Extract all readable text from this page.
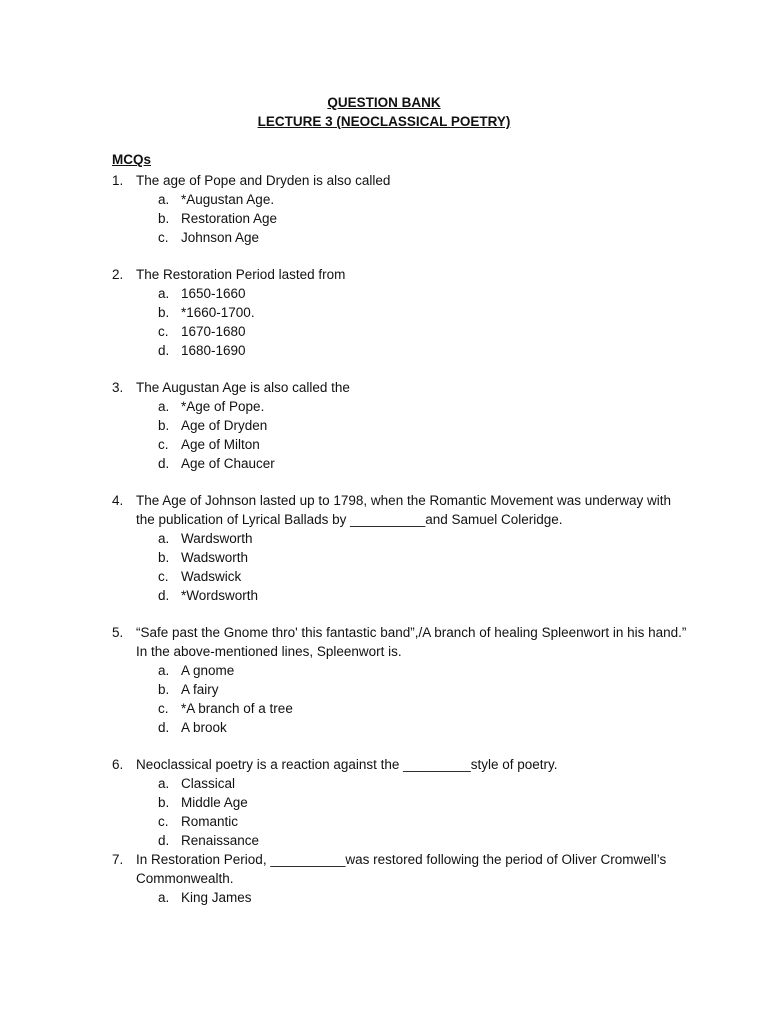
QUESTION BANK
LECTURE 3 (NEOCLASSICAL POETRY)
MCQs
1. The age of Pope and Dryden is also called
a. *Augustan Age.
b. Restoration Age
c. Johnson Age
2. The Restoration Period lasted from
a. 1650-1660
b. *1660-1700.
c. 1670-1680
d. 1680-1690
3. The Augustan Age is also called the
a. *Age of Pope.
b. Age of Dryden
c. Age of Milton
d. Age of Chaucer
4. The Age of Johnson lasted up to 1798, when the Romantic Movement was underway with the publication of Lyrical Ballads by __________and Samuel Coleridge.
a. Wardsworth
b. Wadsworth
c. Wadswick
d. *Wordsworth
5. “Safe past the Gnome thro' this fantastic band”,/A branch of healing Spleenwort in his hand.”
In the above-mentioned lines, Spleenwort is.
a. A gnome
b. A fairy
c. *A branch of a tree
d. A brook
6. Neoclassical poetry is a reaction against the _________style of poetry.
a. Classical
b. Middle Age
c. Romantic
d. Renaissance
7. In Restoration Period, __________was restored following the period of Oliver Cromwell’s Commonwealth.
a. King James
